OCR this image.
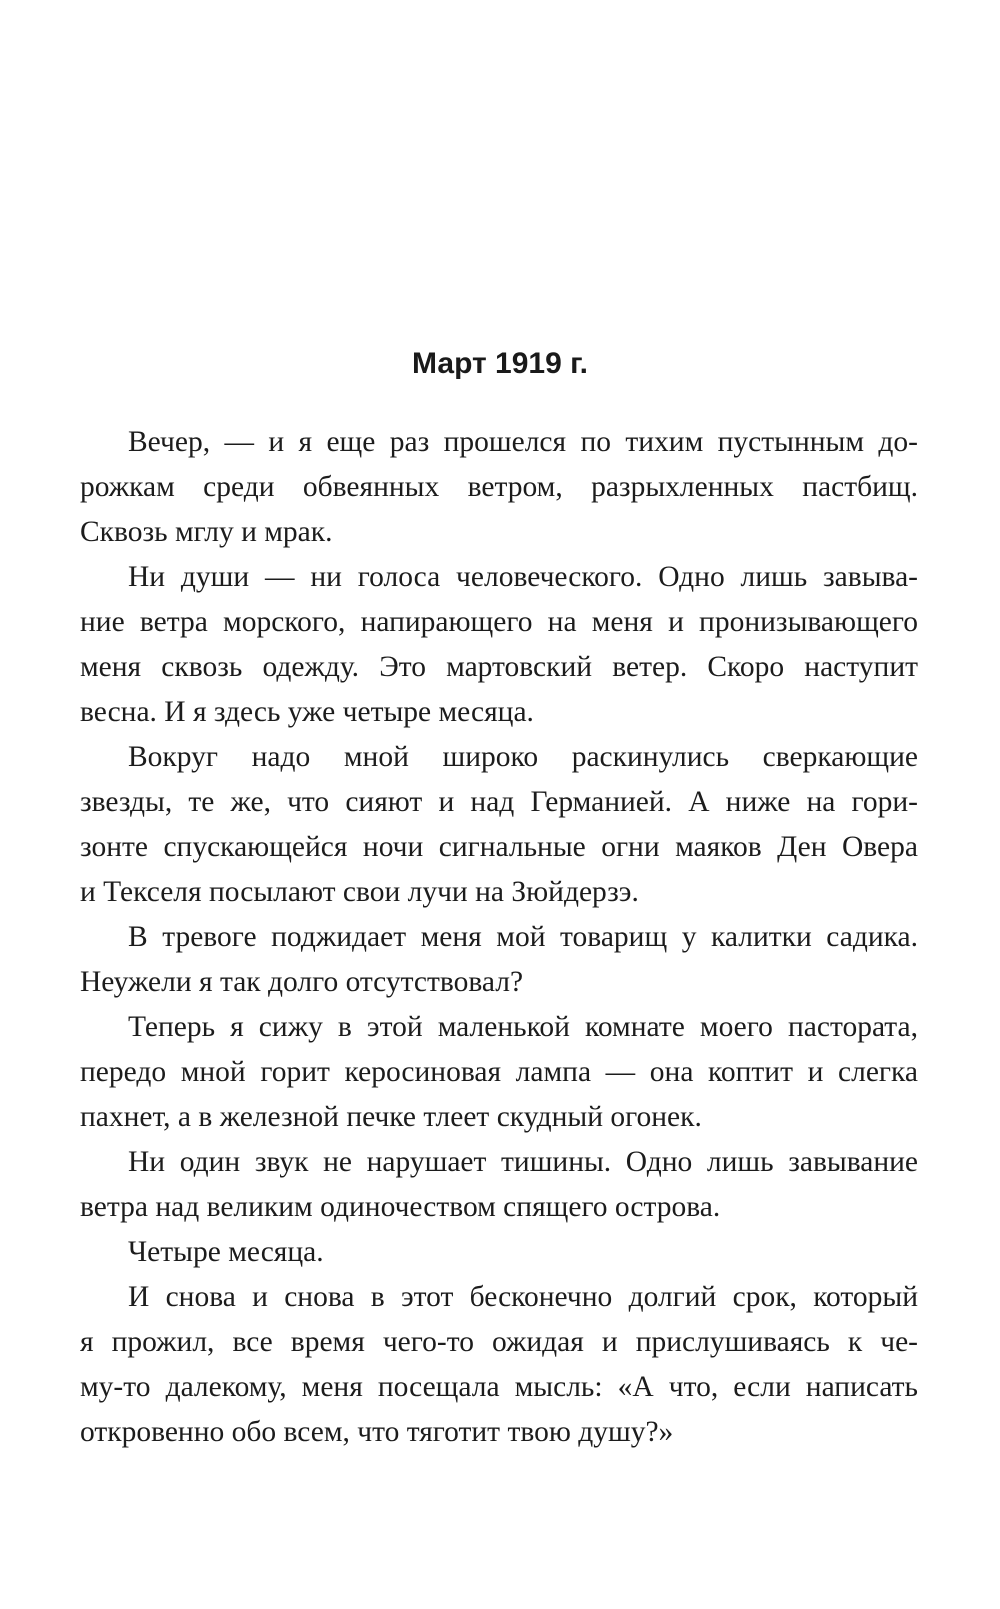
Март 1919 г.

Вечер, — и я еще раз прошелся по тихим пустынным до-
рожкам среди обвеянных ветром, разрыхленных пастбищ.
Сквозь мглу и мрак.

Ни души — ни голоса человеческого. Одно лишь завыва-
ние ветра морского, напирающего на меня и пронизывающего
меня сквозь одежду. Это мартовский ветер. Скоро наступит
весна. И я здесь уже четыре месяца.

Вокруг надо мной широко раскинулись сверкающие
звезды, те же, что сияют и над Германией. А ниже на гори-
зонте спускающейся ночи сигнальные огни маяков Ден Овера
и Текселя посылают свои лучи на Зюйдерзэ.

В тревоге поджидает меня мой товарищ у калитки садика.
Неужели я так долго отсутствовал?

Теперь я сижу в этой маленькой комнате моего пастората,
передо мной горит керосиновая лампа — она коптит и слегка
пахнет, а в железной печке тлеет скудный огонек.

Ни один звук не нарушает тишины. Одно лишь завывание
ветра над великим одиночеством спящего острова.

Четыре месяца.

И снова и снова в этот бесконечно долгий срок, который
я прожил, все время чего-то ожидая и прислушиваясь к че-
му-то далекому, меня посещала мысль: «А что, если написать
откровенно обо всем, что тяготит твою душу?»
